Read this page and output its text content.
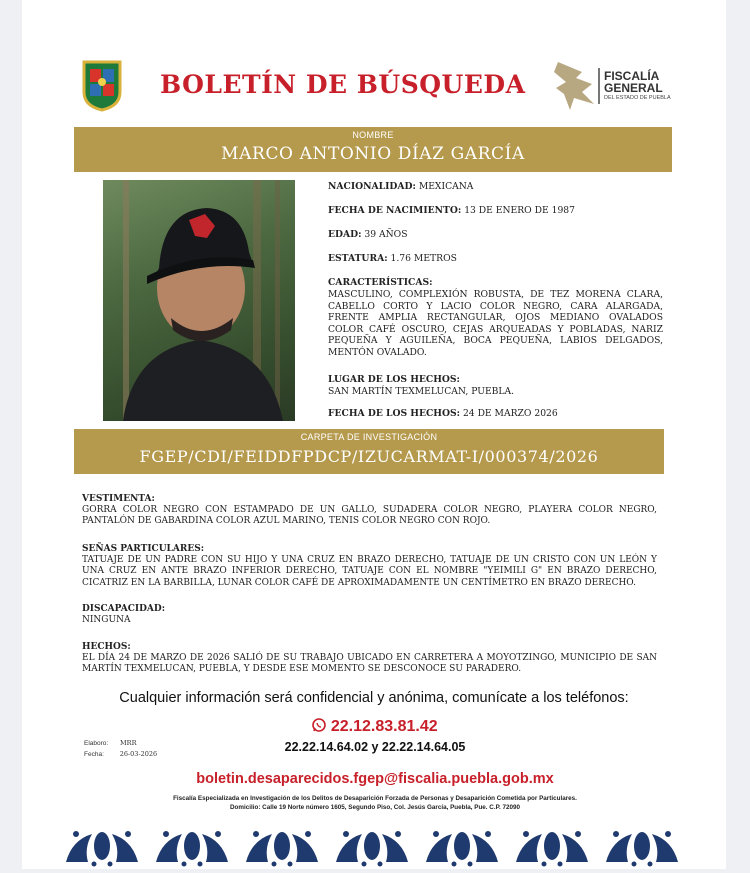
BOLETÍN DE BÚSQUEDA	FISCALÍA
GENERAL
DEL ESTADO DE PUEBLA
NOMBRE
MARCO ANTONIO DÍAZ GARCÍA
NACIONALIDAD: MEXICANA
FECHA DE NACIMIENTO: 13 DE ENERO DE 1987
EDAD: 39 AÑOS
ESTATURA: 1.76 METROS
CARACTERÍSTICAS:
MASCULINO, COMPLEXIÓN ROBUSTA, DE TEZ MORENA CLARA, CABELLO CORTO Y LACIO COLOR NEGRO, CARA ALARGADA, FRENTE AMPLIA RECTANGULAR, OJOS MEDIANO OVALADOS COLOR CAFÉ OSCURO, CEJAS ARQUEADAS Y POBLADAS, NARIZ PEQUEÑA Y AGUILEÑA, BOCA PEQUEÑA, LABIOS DELGADOS, MENTÓN OVALADO.
LUGAR DE LOS HECHOS:
SAN MARTÍN TEXMELUCAN, PUEBLA.
FECHA DE LOS HECHOS: 24 DE MARZO 2026
CARPETA DE INVESTIGACIÓN
FGEP/CDI/FEIDDFPDCP/IZUCARMAT-I/000374/2026
VESTIMENTA:
GORRA COLOR NEGRO CON ESTAMPADO DE UN GALLO, SUDADERA COLOR NEGRO, PLAYERA COLOR NEGRO, PANTALÓN DE GABARDINA COLOR AZUL MARINO, TENIS COLOR NEGRO CON ROJO.
SEÑAS PARTICULARES:
TATUAJE DE UN PADRE CON SU HIJO Y UNA CRUZ EN BRAZO DERECHO, TATUAJE DE UN CRISTO CON UN LEÓN Y UNA CRUZ EN ANTE BRAZO INFERIOR DERECHO, TATUAJE CON EL NOMBRE "YEIMILI G" EN BRAZO DERECHO, CICATRIZ EN LA BARBILLA, LUNAR COLOR CAFÉ DE APROXIMADAMENTE UN CENTÍMETRO EN BRAZO DERECHO.
DISCAPACIDAD:
NINGUNA
HECHOS:
EL DÍA 24 DE MARZO DE 2026 SALIÓ DE SU TRABAJO UBICADO EN CARRETERA A MOYOTZINGO, MUNICIPIO DE SAN MARTÍN TEXMELUCAN, PUEBLA, Y DESDE ESE MOMENTO SE DESCONOCE SU PARADERO.
Cualquier información será confidencial y anónima, comunícate a los teléfonos:
22.12.83.81.42
22.22.14.64.02 y 22.22.14.64.05
Elaboro: MRR
Fecha: 26-03-2026
boletin.desaparecidos.fgep@fiscalia.puebla.gob.mx
Fiscalía Especializada en Investigación de los Delitos de Desaparición Forzada de Personas y Desaparición Cometida por Particulares.
Domicilio: Calle 19 Norte número 1605, Segundo Piso, Col. Jesús García, Puebla, Pue. C.P. 72090
